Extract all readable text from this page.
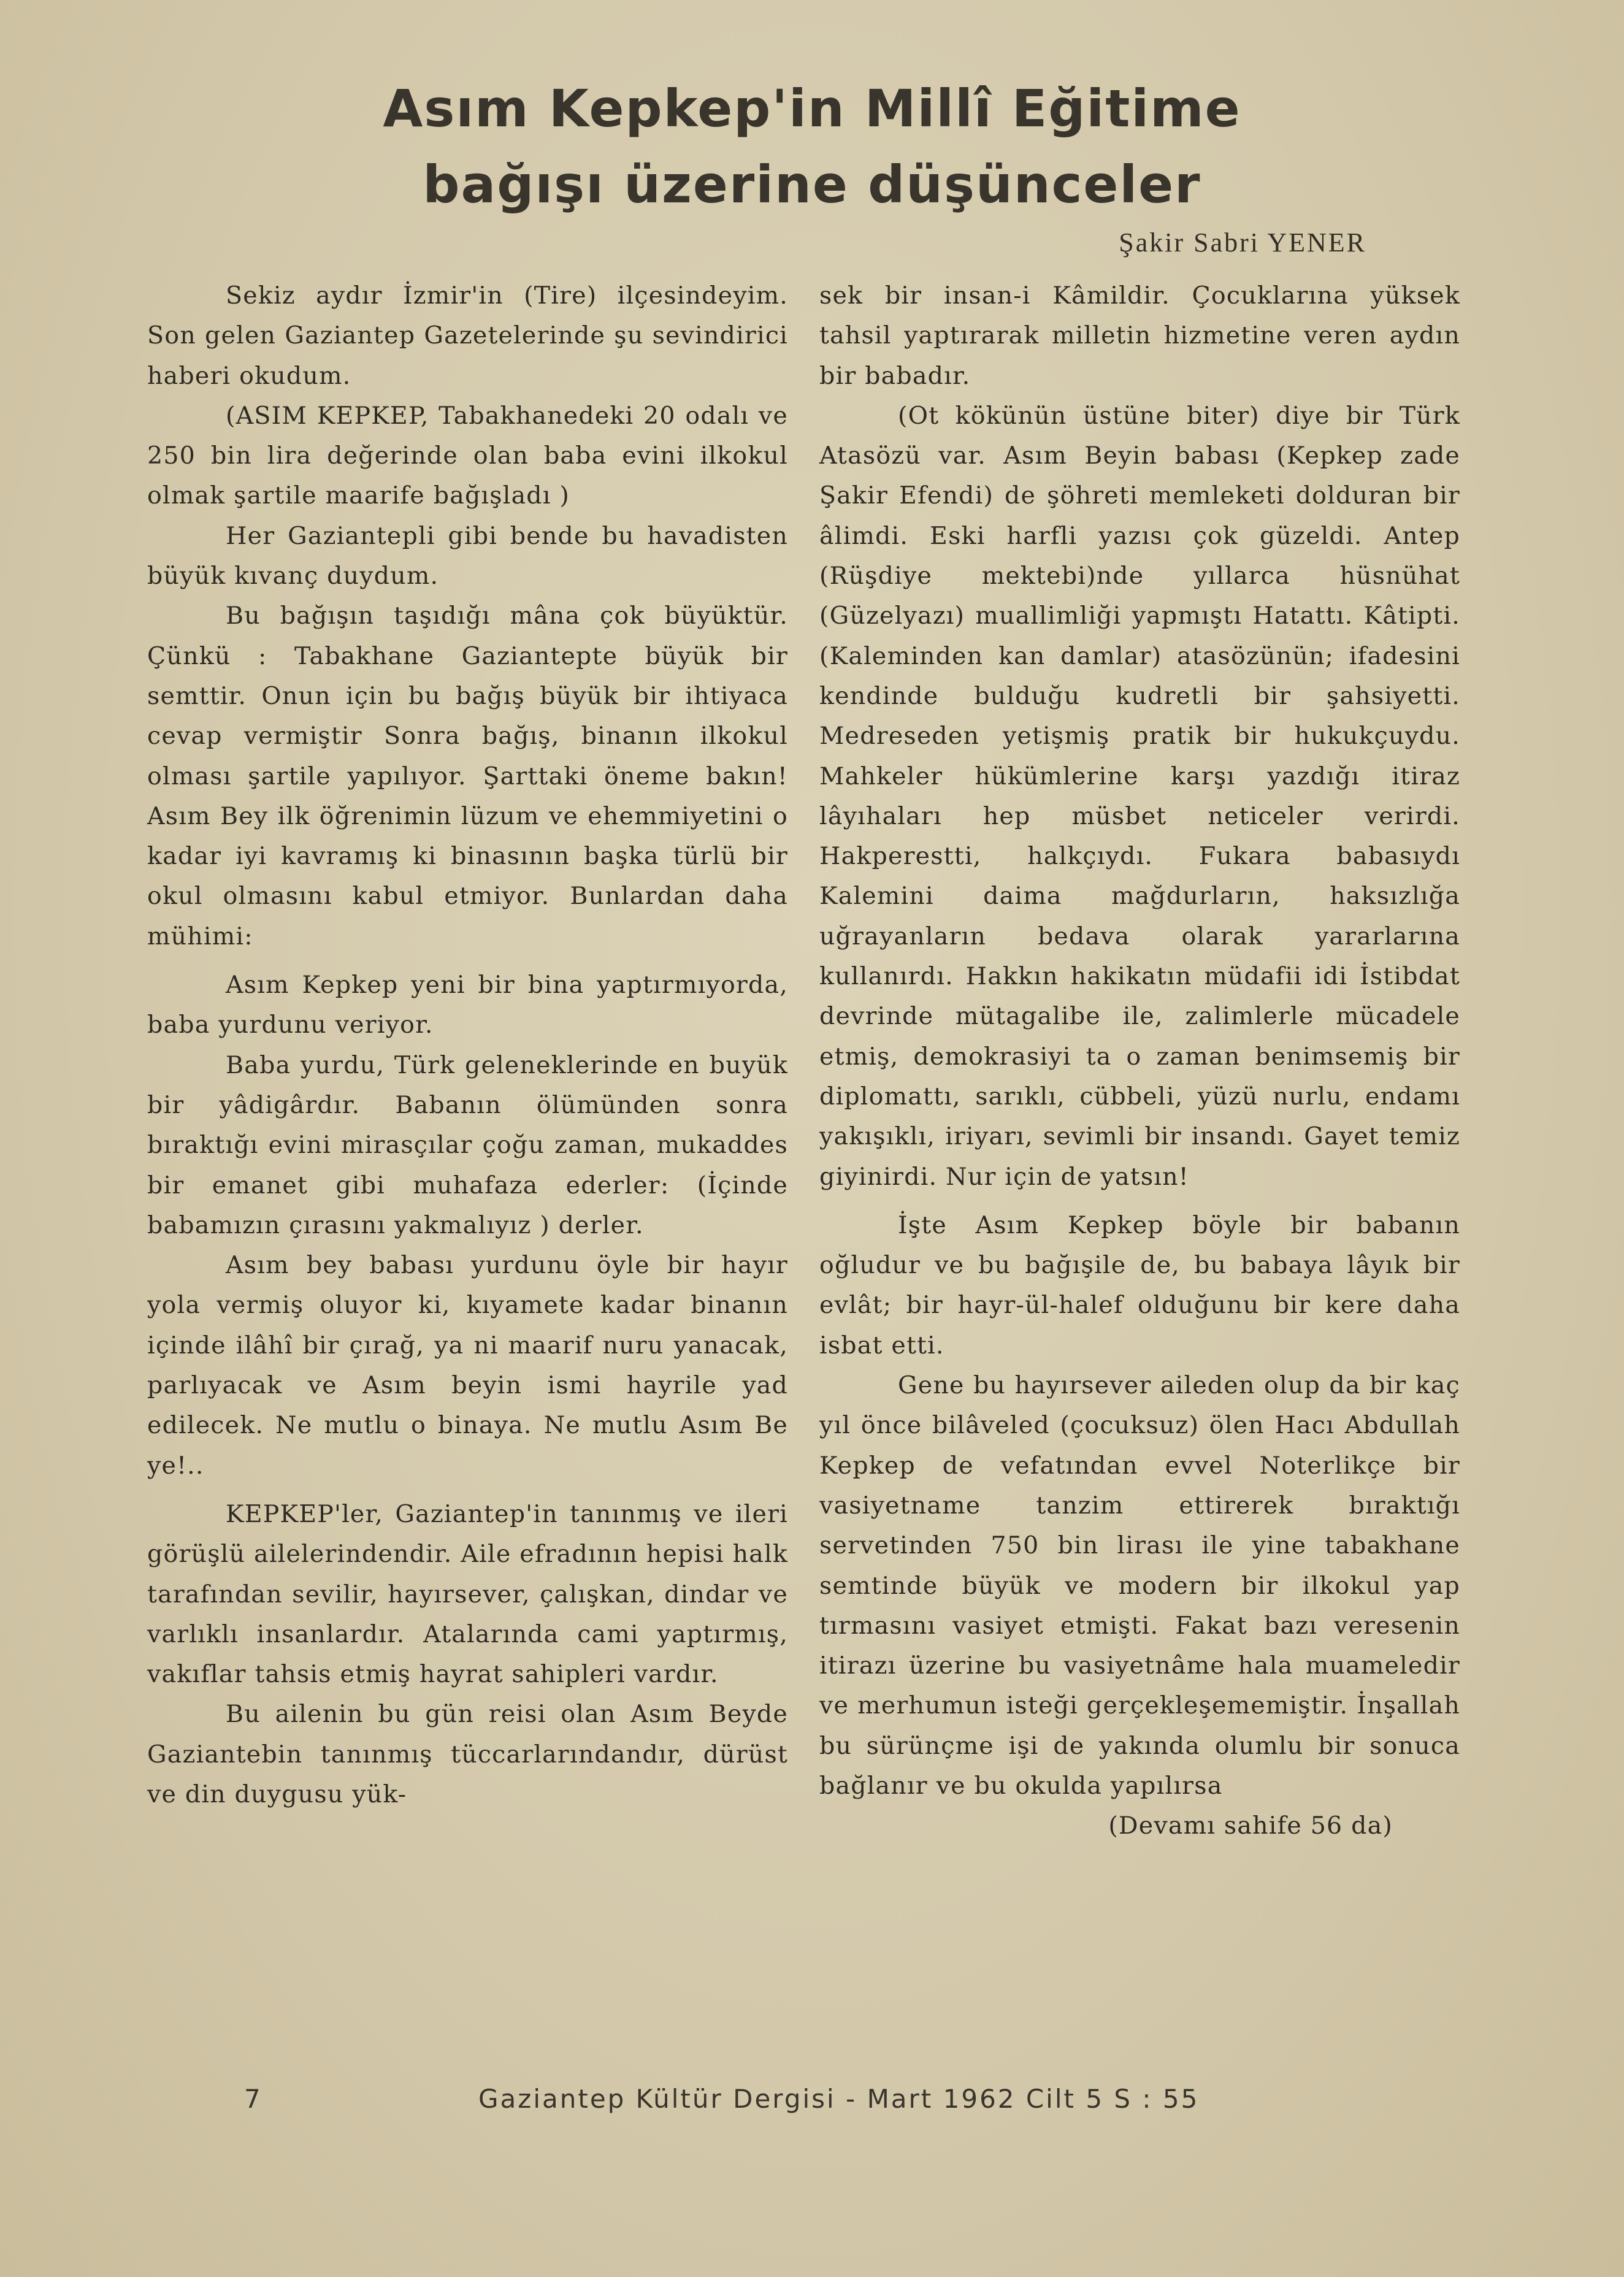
Asım Kepkep'in Millî Eğitime
bağışı üzerine düşünceler
Şakir Sabri YENER

Sekiz aydır İzmir'in (Tire) ilçesindeyim. Son gelen Gaziantep Gazetelerinde şu sevindirici haberi okudum.

(ASIM KEPKEP, Tabakhanedeki 20 odalı ve 250 bin lira değerinde olan baba evini ilkokul olmak şartile maarife bağışladı )

Her Gaziantepli gibi bende bu havadisten büyük kıvanç duydum.

Bu bağışın taşıdığı mâna çok büyüktür. Çünkü : Tabakhane Gaziantepte büyük bir semttir. Onun için bu bağış büyük bir ihtiyaca cevap vermiştir Sonra bağış, binanın ilkokul olması şartile yapılıyor. Şarttaki öneme bakın! Asım Bey ilk öğrenimin lüzum ve ehemmiyetini o kadar iyi kavramış ki binasının başka türlü bir okul olmasını kabul etmiyor. Bunlardan daha mühimi:

Asım Kepkep yeni bir bina yaptırmıyorda, baba yurdunu veriyor.

Baba yurdu, Türk geleneklerinde en buyük bir yâdigârdır. Babanın ölümünden sonra bıraktığı evini mirasçılar çoğu zaman, mukaddes bir emanet gibi muhafaza ederler: (İçinde babamızın çırasını yakmalıyız ) derler.

Asım bey babası yurdunu öyle bir hayır yola vermiş oluyor ki, kıyamete kadar binanın içinde ilâhî bir çırağ, ya ni maarif nuru yanacak, parlıyacak ve Asım beyin ismi hayrile yad edilecek. Ne mutlu o binaya. Ne mutlu Asım Be ye!..

KEPKEP'ler, Gaziantep'in tanınmış ve ileri görüşlü ailelerindendir. Aile efradının hepisi halk tarafından sevilir, hayırsever, çalışkan, dindar ve varlıklı insanlardır. Atalarında cami yaptırmış, vakıflar tahsis etmiş hayrat sahipleri vardır.

Bu ailenin bu gün reisi olan Asım Beyde Gaziantebin tanınmış tüccarlarındandır, dürüst ve din duygusu yük-

sek bir insan-i Kâmildir. Çocuklarına yüksek tahsil yaptırarak milletin hizmetine veren aydın bir babadır.

(Ot kökünün üstüne biter) diye bir Türk Atasözü var. Asım Beyin babası (Kepkep zade Şakir Efendi) de şöhreti memleketi dolduran bir âlimdi. Eski harfli yazısı çok güzeldi. Antep (Rüşdiye mektebi)nde yıllarca hüsnühat (Güzelyazı) muallimliği yapmıştı Hatattı. Kâtipti. (Kaleminden kan damlar) atasözünün; ifadesini kendinde bulduğu kudretli bir şahsiyetti. Medreseden yetişmiş pratik bir hukukçuydu. Mahkeler hükümlerine karşı yazdığı itiraz lâyıhaları hep müsbet neticeler verirdi. Hakperestti, halkçıydı. Fukara babasıydı Kalemini daima mağdurların, haksızlığa uğrayanların bedava olarak yararlarına kullanırdı. Hakkın hakikatın müdafii idi İstibdat devrinde mütagalibe ile, zalimlerle mücadele etmiş, demokrasiyi ta o zaman benimsemiş bir diplomattı, sarıklı, cübbeli, yüzü nurlu, endamı yakışıklı, iriyarı, sevimli bir insandı. Gayet temiz giyinirdi. Nur için de yatsın!

İşte Asım Kepkep böyle bir babanın oğludur ve bu bağışile de, bu babaya lâyık bir evlât; bir hayr-ül-halef olduğunu bir kere daha isbat etti.

Gene bu hayırsever aileden olup da bir kaç yıl önce bilâveled (çocuksuz) ölen Hacı Abdullah Kepkep de vefatından evvel Noterlikçe bir vasiyetname tanzim ettirerek bıraktığı servetinden 750 bin lirası ile yine tabakhane semtinde büyük ve modern bir ilkokul yap tırmasını vasiyet etmişti. Fakat bazı veresenin itirazı üzerine bu vasiyetnâme hala muameledir ve merhumun isteği gerçekleşememiştir. İnşallah bu sürünçme işi de yakında olumlu bir sonuca bağlanır ve bu okulda yapılırsa

(Devamı sahife 56 da)
7	Gaziantep Kültür Dergisi - Mart 1962 Cilt 5 S : 55
